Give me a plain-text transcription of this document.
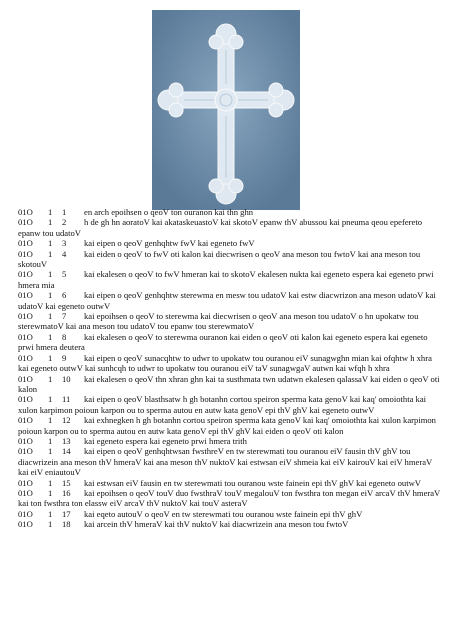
01O 1 1 en arch epoihsen o qeoV ton ouranon kai thn ghn
01O 1 2 h de gh hn aoratoV kai akataskeuastoV kai skotoV epanw thV abussou kai pneuma qeou epefereto epanw tou udatoV
01O 1 3 kai eipen o qeoV genhqhtw fwV kai egeneto fwV
01O 1 4 kai eiden o qeoV to fwV oti kalon kai diecwrisen o qeoV ana meson tou fwtoV kai ana meson tou skotouV
01O 1 5 kai ekalesen o qeoV to fwV hmeran kai to skotoV ekalesen nukta kai egeneto espera kai egeneto prwi hmera mia
01O 1 6 kai eipen o qeoV genhqhtw sterewma en mesw tou udatoV kai estw diacwrizon ana meson udatoV kai udatoV kai egeneto outwV
01O 1 7 kai epoihsen o qeoV to sterewma kai diecwrisen o qeoV ana meson tou udatoV o hn upokatw tou sterewmatoV kai ana meson tou udatoV tou epanw tou sterewmatoV
01O 1 8 kai ekalesen o qeoV to sterewma ouranon kai eiden o qeoV oti kalon kai egeneto espera kai egeneto prwi hmera deutera
01O 1 9 kai eipen o qeoV sunacqhtw to udwr to upokatw tou ouranou eiV sunagwghn mian kai ofqhtw h xhra kai egeneto outwV kai sunhcqh to udwr to upokatw tou ouranou eiV taV sunagwgaV autwn kai wfqh h xhra
01O 1 10 kai ekalesen o qeoV thn xhran ghn kai ta susthmata twn udatwn ekalesen qalassaV kai eiden o qeoV oti kalon
01O 1 11 kai eipen o qeoV blasthsatw h gh botanhn cortou speiron sperma kata genoV kai kaq' omoiothta kai xulon karpimon poioun karpon ou to sperma autou en autw kata genoV epi thV ghV kai egeneto outwV
01O 1 12 kai exhnegken h gh botanhn cortou speiron sperma kata genoV kai kaq' omoiothta kai xulon karpimon poioun karpon ou to sperma autou en autw kata genoV epi thV ghV kai eiden o qeoV oti kalon
01O 1 13 kai egeneto espera kai egeneto prwi hmera trith
01O 1 14 kai eipen o qeoV genhqhtwsan fwsthreV en tw sterewmati tou ouranou eiV fausin thV ghV tou diacwrizein ana meson thV hmeraV kai ana meson thV nuktoV kai estwsan eiV shmeia kai eiV kairouV kai eiV hmeraV kai eiV eniautouV
01O 1 15 kai estwsan eiV fausin en tw sterewmati tou ouranou wste fainein epi thV ghV kai egeneto outwV
01O 1 16 kai epoihsen o qeoV touV duo fwsthraV touV megalouV ton fwsthra ton megan eiV arcaV thV hmeraV kai ton fwsthra ton elassw eiV arcaV thV nuktoV kai touV asteraV
01O 1 17 kai eqeto autouV o qeoV en tw sterewmati tou ouranou wste fainein epi thV ghV
01O 1 18 kai arcein thV hmeraV kai thV nuktoV kai diacwrizein ana meson tou fwtoV
